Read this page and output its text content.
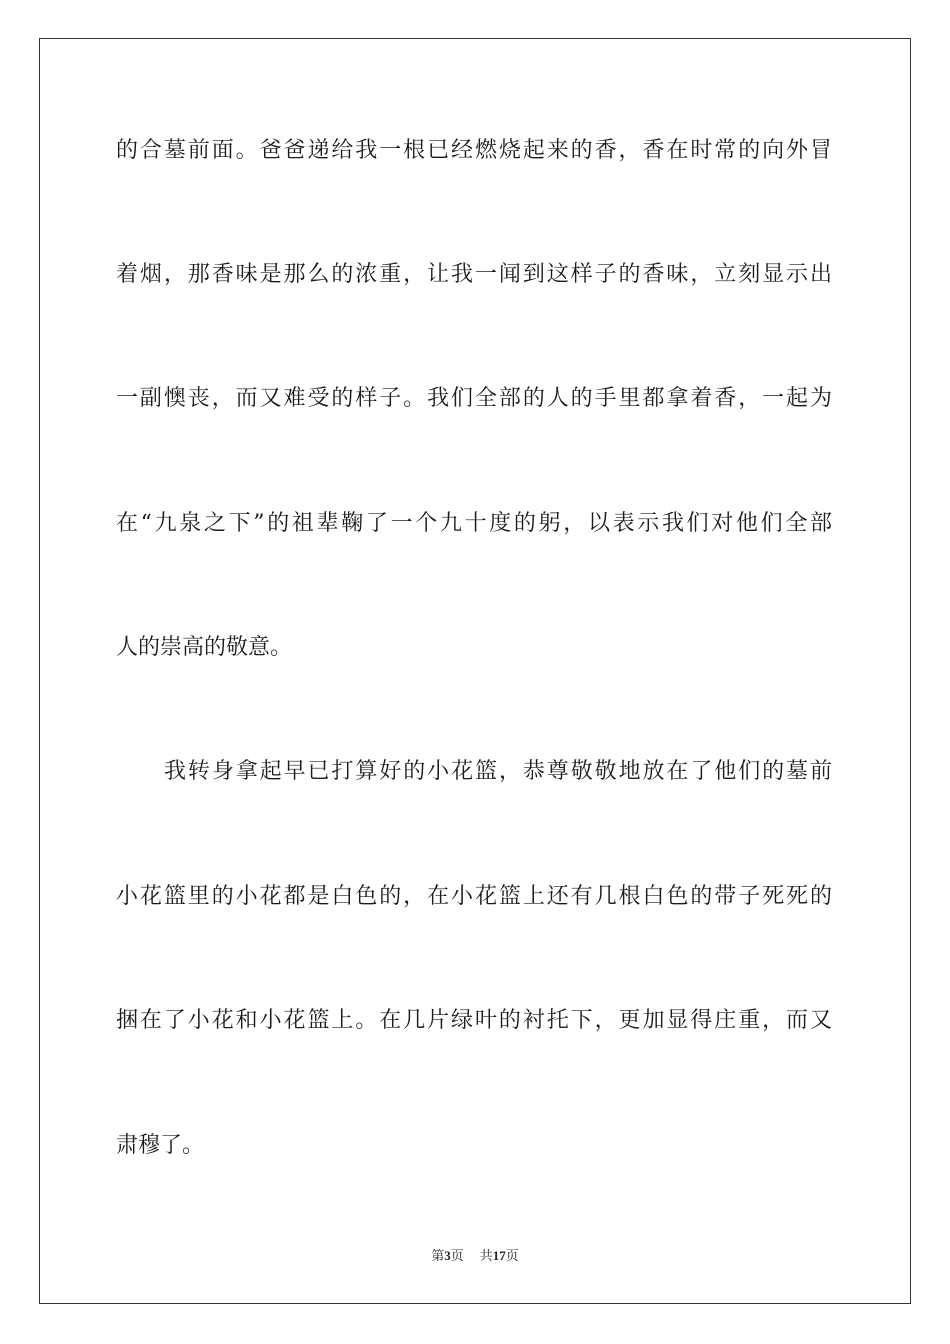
的合墓前面。爸爸递给我一根已经燃烧起来的香，香在时常的向外冒
着烟，那香味是那么的浓重，让我一闻到这样子的香味，立刻显示出
一副懊丧，而又难受的样子。我们全部的人的手里都拿着香，一起为
在“九泉之下”的祖辈鞠了一个九十度的躬，以表示我们对他们全部
人的崇高的敬意。
我转身拿起早已打算好的小花篮，恭尊敬敬地放在了他们的墓前
小花篮里的小花都是白色的，在小花篮上还有几根白色的带子死死的
捆在了小花和小花篮上。在几片绿叶的衬托下，更加显得庄重，而又
肃穆了。
第3页 共17页
